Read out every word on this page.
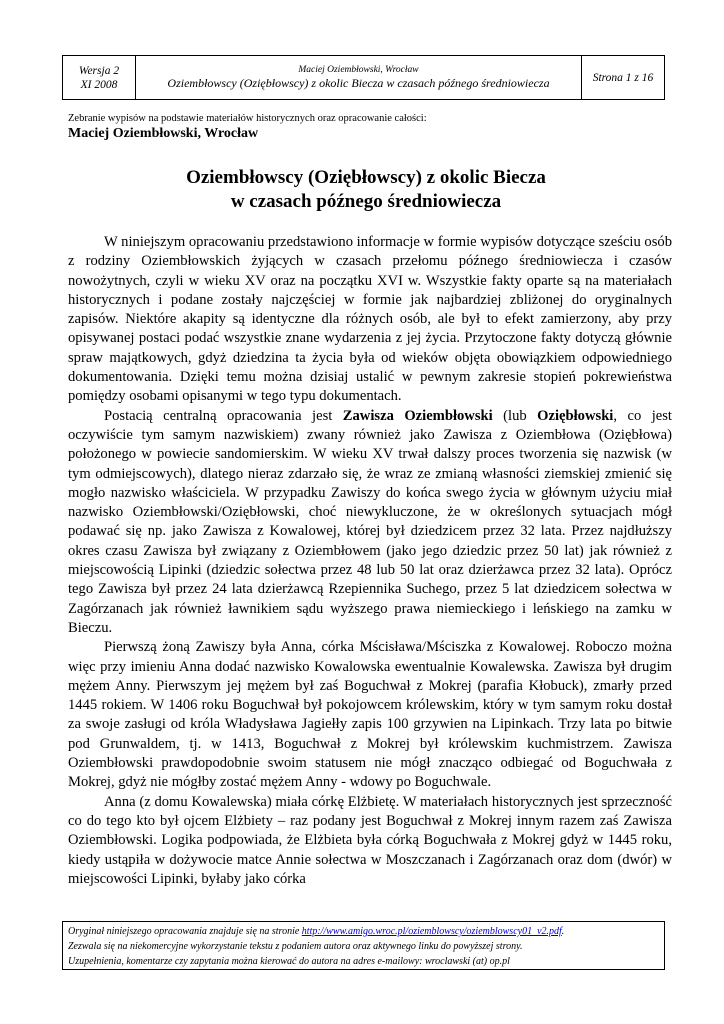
Wersja 2
XI 2008
Maciej Oziembłowski, Wrocław
Oziembłowscy (Oziębłowscy) z okolic Biecza w czasach późnego średniowiecza	Strona 1 z 16
Zebranie wypisów na podstawie materiałów historycznych oraz opracowanie całości:
Maciej Oziembłowski, Wrocław
Oziembłowscy (Oziębłowscy) z okolic Biecza
w czasach późnego średniowiecza

W niniejszym opracowaniu przedstawiono informacje w formie wypisów dotyczące sześciu osób z rodziny Oziembłowskich żyjących w czasach przełomu późnego średniowiecza i czasów nowożytnych, czyli w wieku XV oraz na początku XVI w. Wszystkie fakty oparte są na materiałach historycznych i podane zostały najczęściej w formie jak najbardziej zbliżonej do oryginalnych zapisów. Niektóre akapity są identyczne dla różnych osób, ale był to efekt zamierzony, aby przy opisywanej postaci podać wszystkie znane wydarzenia z jej życia. Przytoczone fakty dotyczą głównie spraw majątkowych, gdyż dziedzina ta życia była od wieków objęta obowiązkiem odpowiedniego dokumentowania. Dzięki temu można dzisiaj ustalić w pewnym zakresie stopień pokrewieństwa pomiędzy osobami opisanymi w tego typu dokumentach.

Postacią centralną opracowania jest Zawisza Oziembłowski (lub Oziębłowski, co jest oczywiście tym samym nazwiskiem) zwany również jako Zawisza z Oziembłowa (Oziębłowa) położonego w powiecie sandomierskim. W wieku XV trwał dalszy proces tworzenia się nazwisk (w tym odmiejscowych), dlatego nieraz zdarzało się, że wraz ze zmianą własności ziemskiej zmienić się mogło nazwisko właściciela. W przypadku Zawiszy do końca swego życia w głównym użyciu miał nazwisko Oziembłowski/Oziębłowski, choć niewykluczone, że w określonych sytuacjach mógł podawać się np. jako Zawisza z Kowalowej, której był dziedzicem przez 32 lata. Przez najdłuższy okres czasu Zawisza był związany z Oziembłowem (jako jego dziedzic przez 50 lat) jak również z miejscowością Lipinki (dziedzic sołectwa przez 48 lub 50 lat oraz dzierżawca przez 32 lata). Oprócz tego Zawisza był przez 24 lata dzierżawcą Rzepiennika Suchego, przez 5 lat dziedzicem sołectwa w Zagórzanach jak również ławnikiem sądu wyższego prawa niemieckiego i leńskiego na zamku w Bieczu.

Pierwszą żoną Zawiszy była Anna, córka Mścisława/Mściszka z Kowalowej. Roboczo można więc przy imieniu Anna dodać nazwisko Kowalowska ewentualnie Kowalewska. Zawisza był drugim mężem Anny. Pierwszym jej mężem był zaś Boguchwał z Mokrej (parafia Kłobuck), zmarły przed 1445 rokiem. W 1406 roku Boguchwał był pokojowcem królewskim, który w tym samym roku dostał za swoje zasługi od króla Władysława Jagiełły zapis 100 grzywien na Lipinkach. Trzy lata po bitwie pod Grunwaldem, tj. w 1413, Boguchwał z Mokrej był królewskim kuchmistrzem. Zawisza Oziembłowski prawdopodobnie swoim statusem nie mógł znacząco odbiegać od Boguchwała z Mokrej, gdyż nie mógłby zostać mężem Anny - wdowy po Boguchwale.

Anna (z domu Kowalewska) miała córkę Elżbietę. W materiałach historycznych jest sprzeczność co do tego kto był ojcem Elżbiety – raz podany jest Boguchwał z Mokrej innym razem zaś Zawisza Oziembłowski. Logika podpowiada, że Elżbieta była córką Boguchwała z Mokrej gdyż w 1445 roku, kiedy ustąpiła w dożywocie matce Annie sołectwa w Moszczanach i Zagórzanach oraz dom (dwór) w miejscowości Lipinki, byłaby jako córka

Oryginał niniejszego opracowania znajduje się na stronie http://www.amigo.wroc.pl/oziemblowscy/oziemblowscy01_v2.pdf.
Zezwala się na niekomercyjne wykorzystanie tekstu z podaniem autora oraz aktywnego linku do powyższej strony.
Uzupełnienia, komentarze czy zapytania można kierować do autora na adres e-mailowy: wroclawski (at) op.pl
